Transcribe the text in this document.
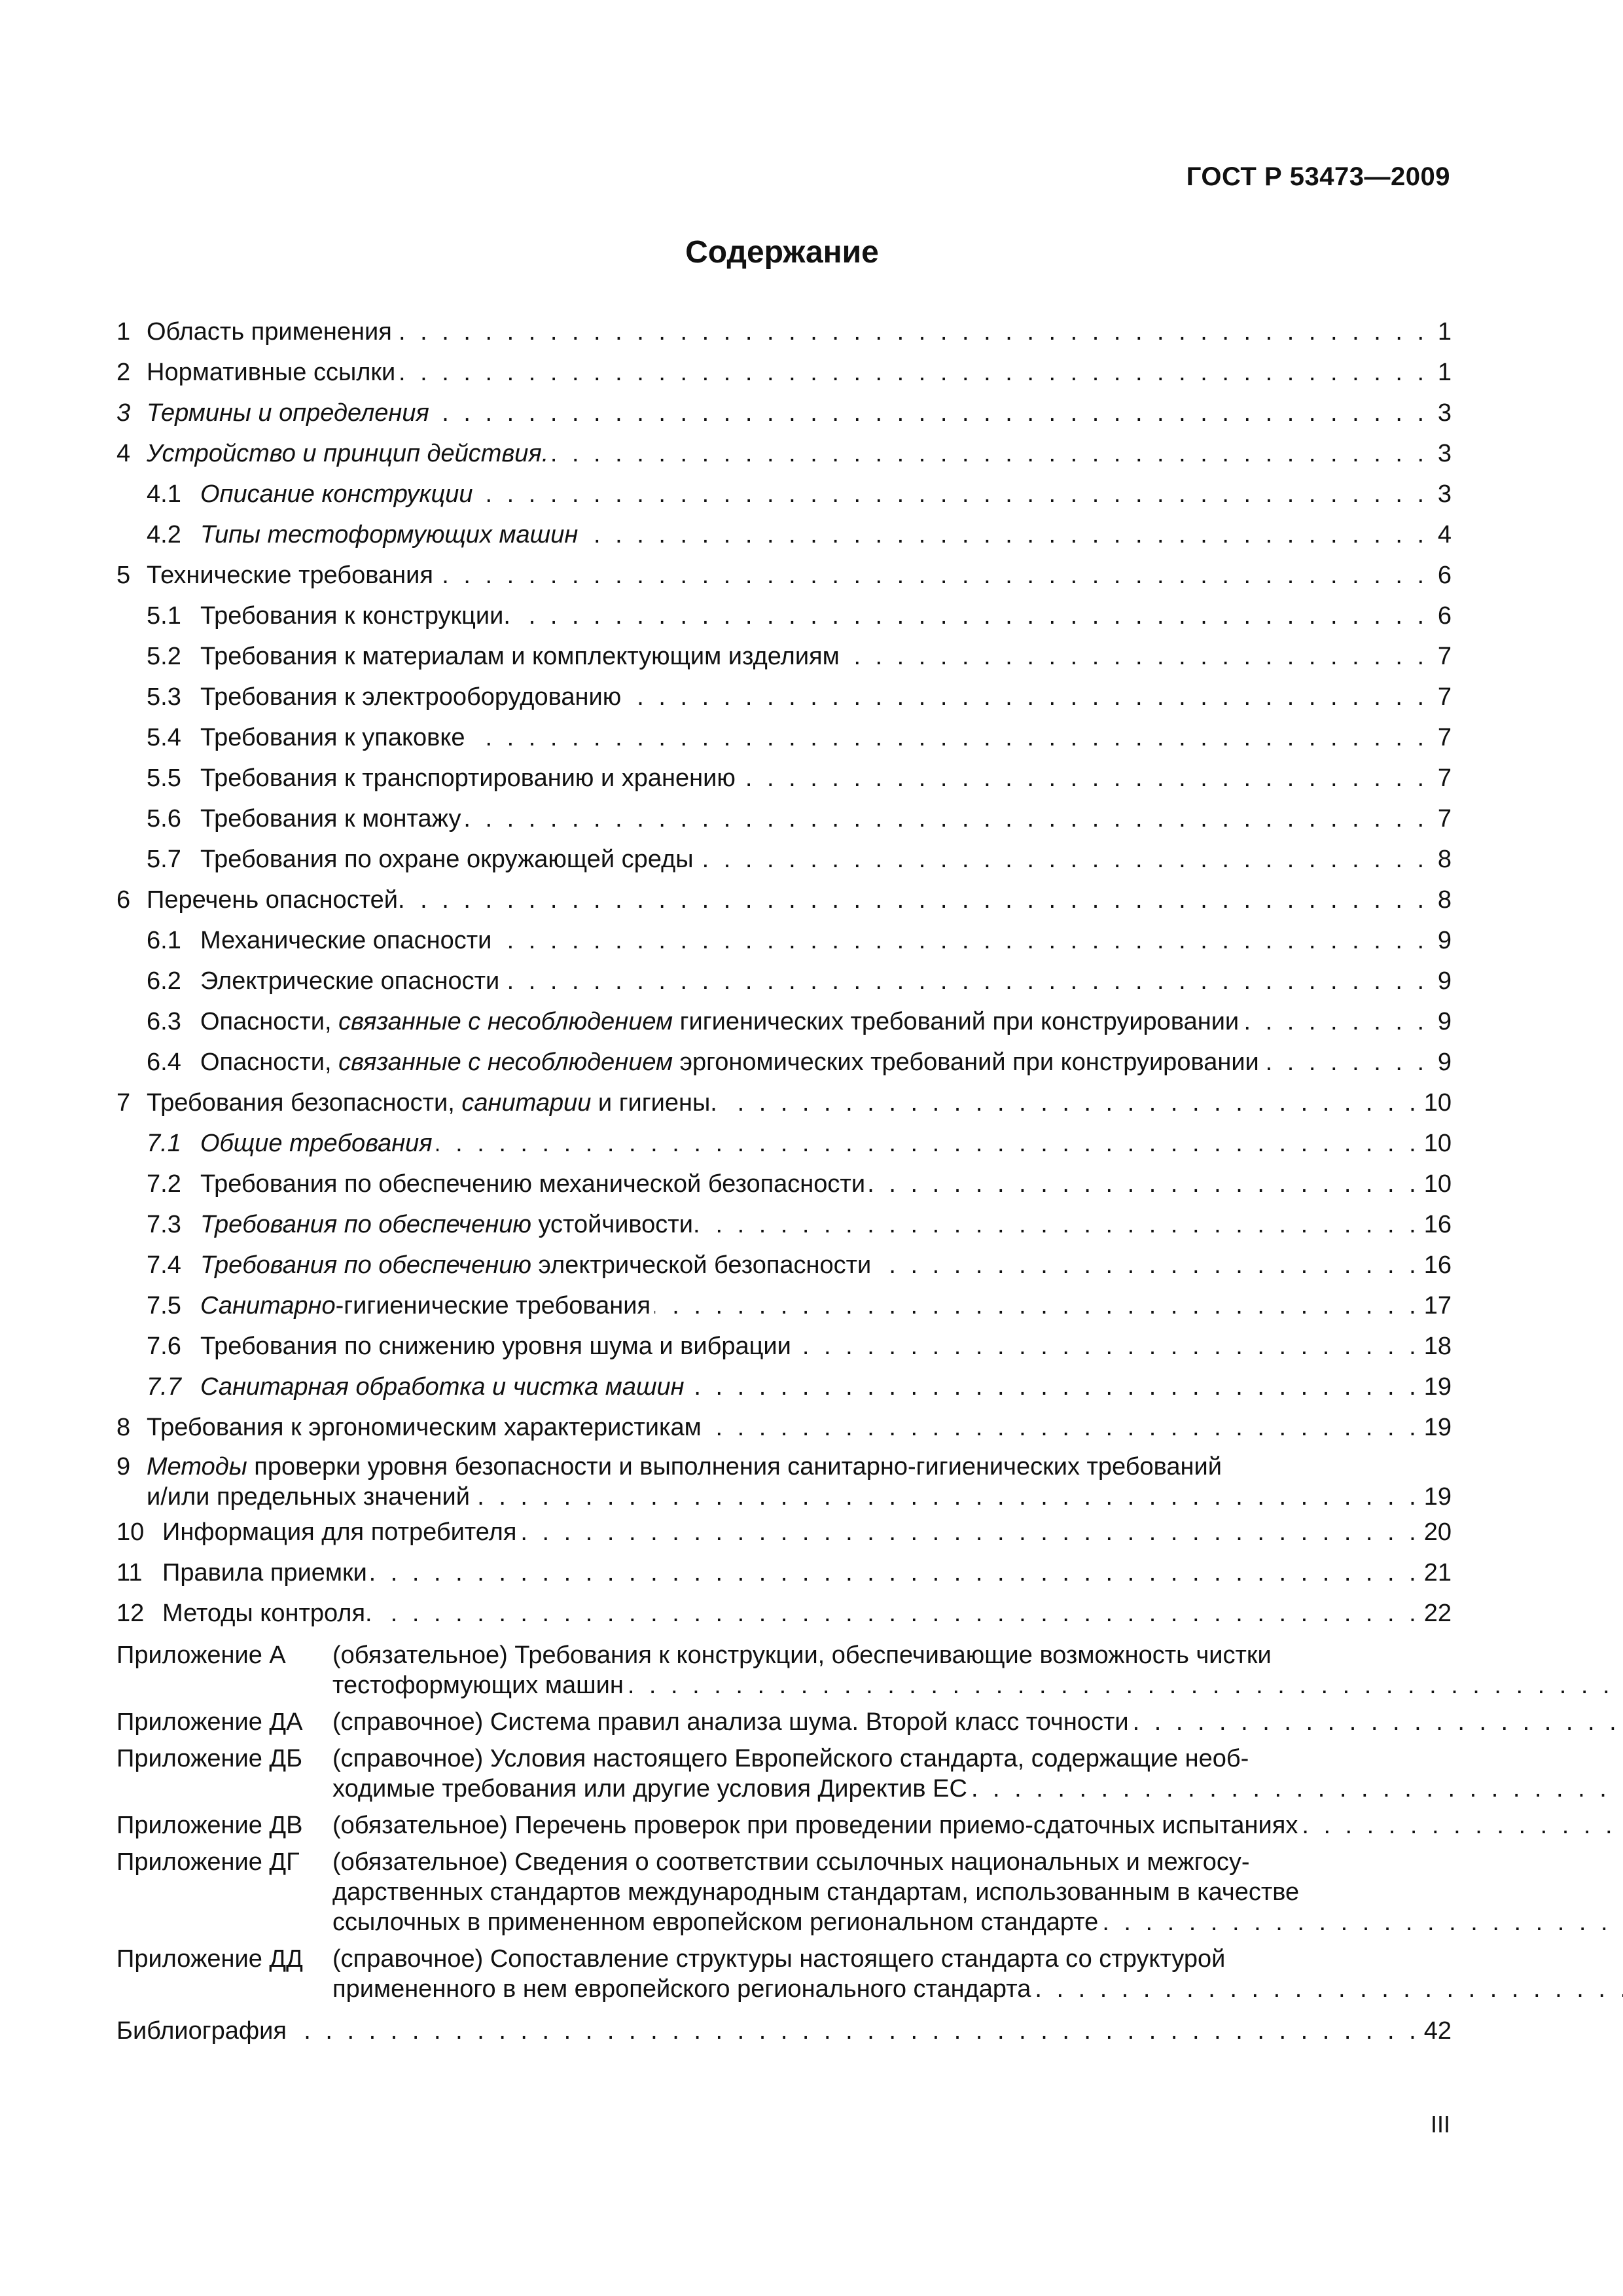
ГОСТ Р 53473—2009
Содержание
1 Область применения . . .	1
2 Нормативные ссылки . . .	1
3 Термины и определения . . .	3
4 Устройство и принцип действия. . . .	3
4.1 Описание конструкции . . .	3
4.2 Типы тестоформующих машин . . .	4
5 Технические требования . . .	6
5.1 Требования к конструкции. . . .	6
5.2 Требования к материалам и комплектующим изделиям . . .	7
5.3 Требования к электрооборудованию . . .	7
5.4 Требования к упаковке . . .	7
5.5 Требования к транспортированию и хранению . . .	7
5.6 Требования к монтажу . . .	7
5.7 Требования по охране окружающей среды . . .	8
6 Перечень опасностей. . . .	8
6.1 Механические опасности . . .	9
6.2 Электрические опасности . . .	9
6.3 Опасности, связанные с несоблюдением гигиенических требований при конструировании . . .	9
6.4 Опасности, связанные с несоблюдением эргономических требований при конструировании . . .	9
7 Требования безопасности, санитарии и гигиены. . . .	10
7.1 Общие требования . . .	10
7.2 Требования по обеспечению механической безопасности . . .	10
7.3 Требования по обеспечению устойчивости. . . .	16
7.4 Требования по обеспечению электрической безопасности . . .	16
7.5 Санитарно-гигиенические требования . . .	17
7.6 Требования по снижению уровня шума и вибрации . . .	18
7.7 Санитарная обработка и чистка машин . . .	19
8 Требования к эргономическим характеристикам . . .	19
9 Методы проверки уровня безопасности и выполнения санитарно-гигиенических требований
и/или предельных значений . . .	19
10 Информация для потребителя . . .	20
11 Правила приемки . . .	21
12 Методы контроля. . . .	22
Приложение А	(обязательное) Требования к конструкции, обеспечивающие возможность чистки
тестоформующих машин
. . .
Приложение ДА	(справочное) Система правил анализа шума. Второй класс точности
. . .
Приложение ДБ	(справочное) Условия настоящего Европейского стандарта, содержащие необ-
ходимые требования или другие условия Директив ЕС
. . .
Приложение ДВ	(обязательное) Перечень проверок при проведении приемо-сдаточных испытаниях
. . .
Приложение ДГ	(обязательное) Сведения о соответствии ссылочных национальных и межгосу-
дарственных стандартов международным стандартам, использованным в качестве
ссылочных в примененном европейском региональном стандарте
. . .
Приложение ДД	(справочное) Сопоставление структуры настоящего стандарта со структурой
примененного в нем европейского регионального стандарта
. . .
Библиография . . .	42
III
